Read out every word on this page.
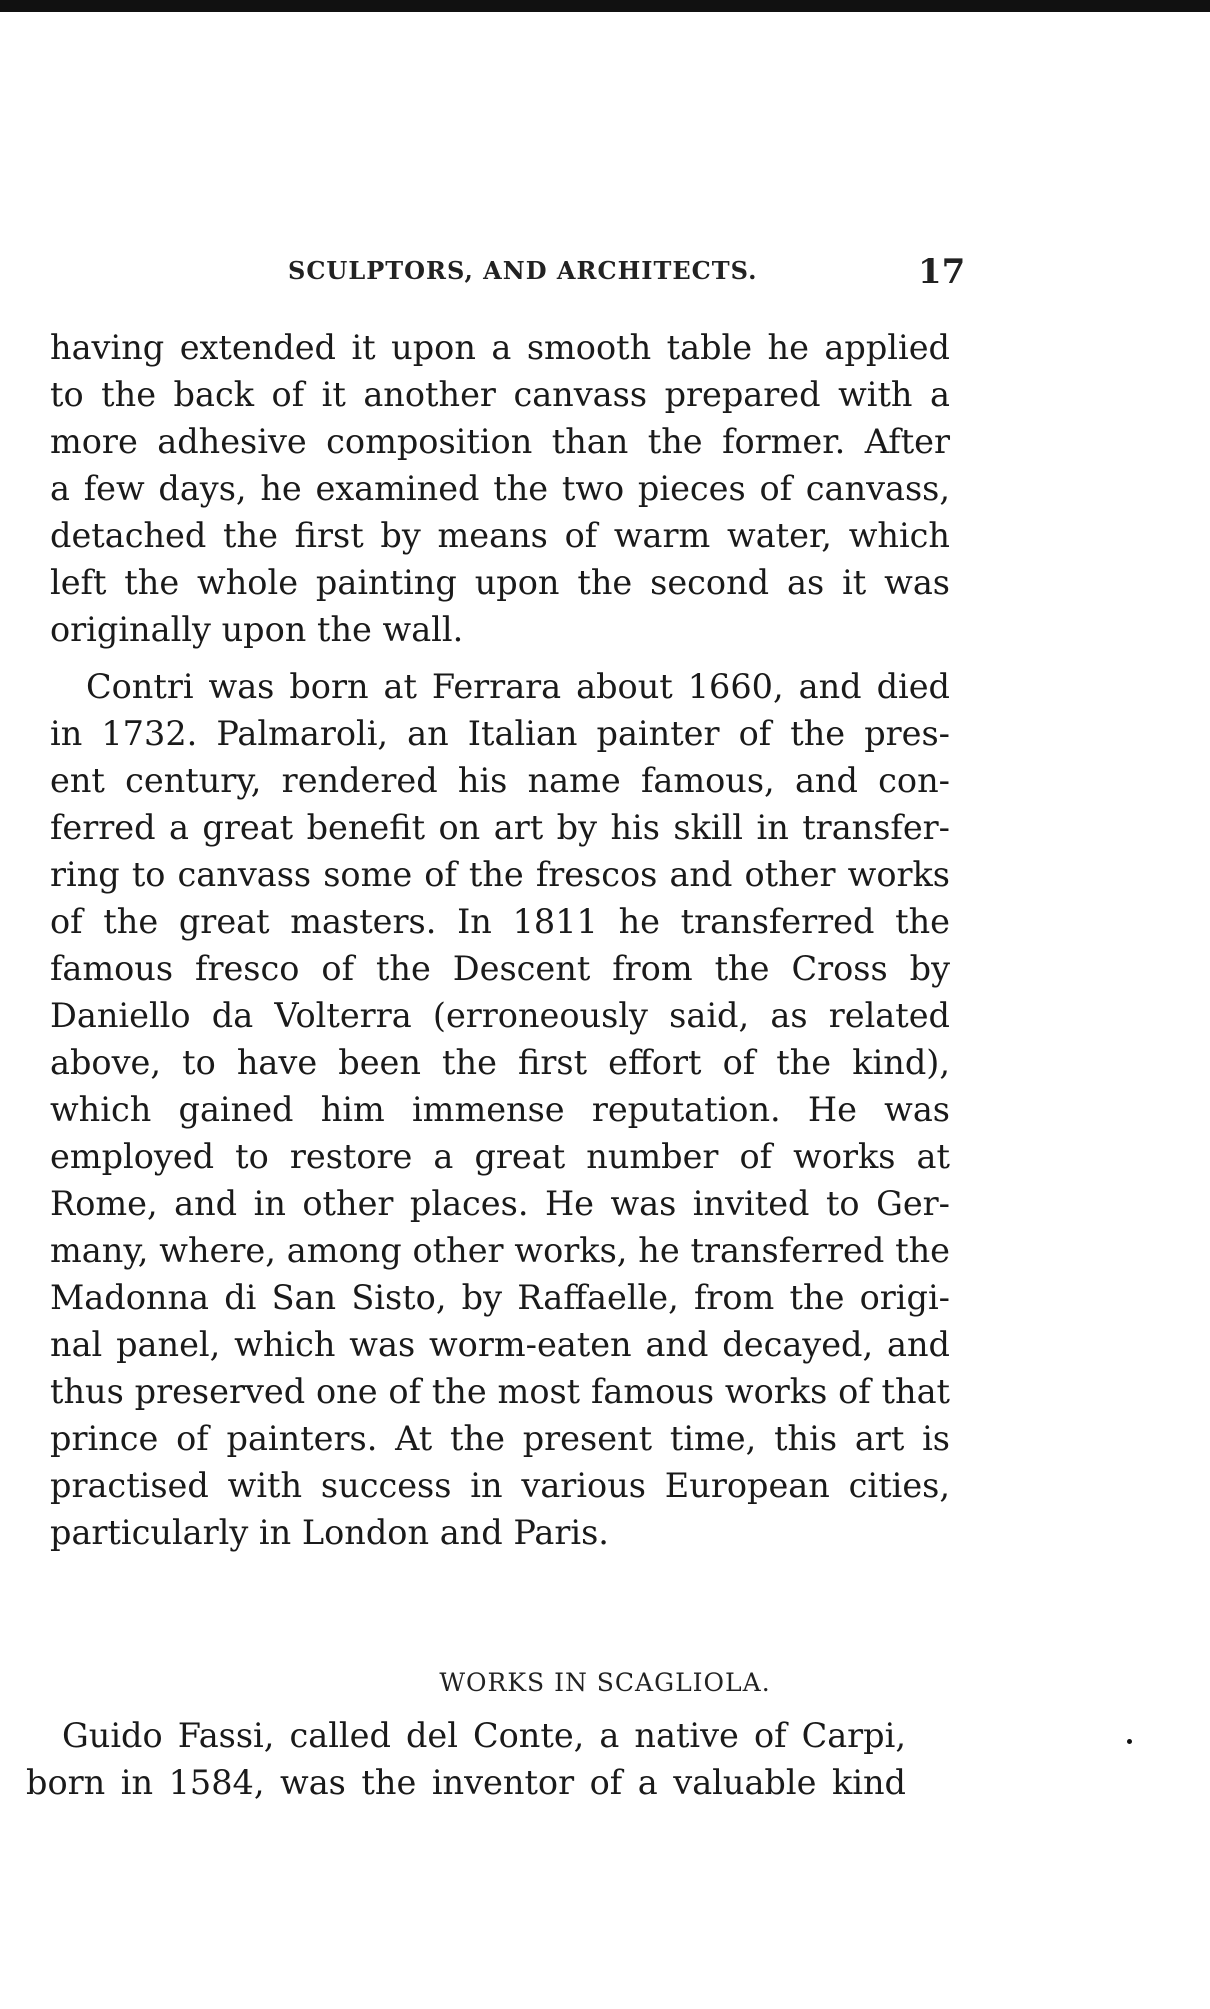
SCULPTORS, AND ARCHITECTS.	17
having extended it upon a smooth table he applied
to the back of it another canvass prepared with a
more adhesive composition than the former. After
a few days, he examined the two pieces of canvass,
detached the first by means of warm water, which
left the whole painting upon the second as it was
originally upon the wall.
Contri was born at Ferrara about 1660, and died
in 1732. Palmaroli, an Italian painter of the pres-
ent century, rendered his name famous, and con-
ferred a great benefit on art by his skill in transfer-
ring to canvass some of the frescos and other works
of the great masters. In 1811 he transferred the
famous fresco of the Descent from the Cross by
Daniello da Volterra (erroneously said, as related
above, to have been the first effort of the kind),
which gained him immense reputation. He was
employed to restore a great number of works at
Rome, and in other places. He was invited to Ger-
many, where, among other works, he transferred the
Madonna di San Sisto, by Raffaelle, from the origi-
nal panel, which was worm-eaten and decayed, and
thus preserved one of the most famous works of that
prince of painters. At the present time, this art is
practised with success in various European cities,
particularly in London and Paris.
WORKS IN SCAGLIOLA.
Guido Fassi, called del Conte, a native of Carpi,
born in 1584, was the inventor of a valuable kind
